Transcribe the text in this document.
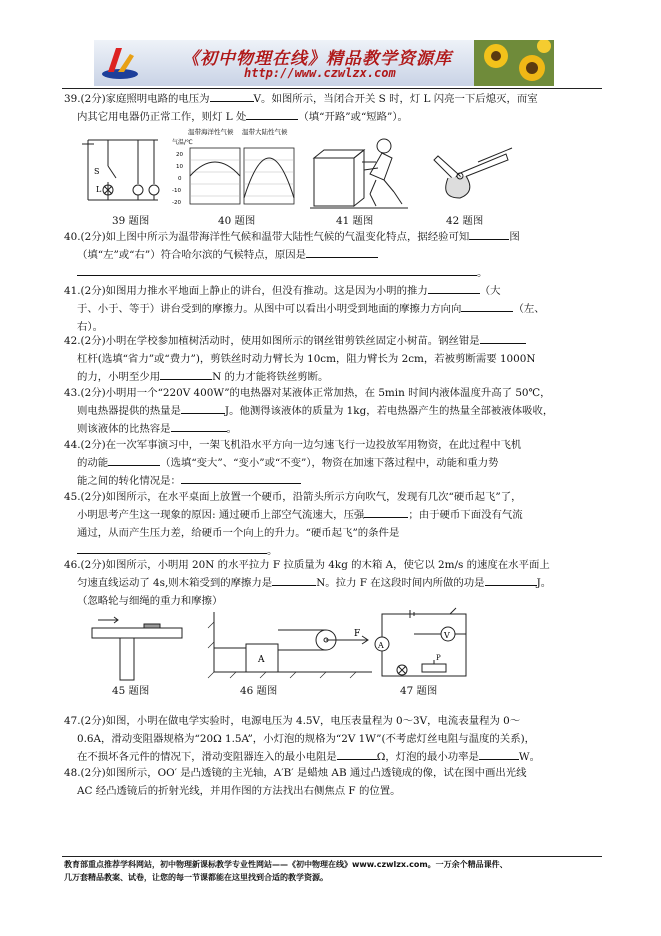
《初中物理在线》精品教学资源库
http://www.czwlzx.com
39.(2分)家庭照明电路的电压为	V。如图所示，当闭合开关 S 时，灯 L 闪亮一下后熄灭，而室
内其它用电器仍正常工作，则灯 L 处	（填“开路”或“短路”）。
S
L
39 题图
温带海洋性气候 温带大陆性气候
气温/℃
20
10
0
-10
-20
40 题图	41 题图	42 题图
40.(2分)如上图中所示为温带海洋性气候和温带大陆性气候的气温变化特点，据经验可知	图
（填“左”或“右”）符合哈尔滨的气候特点，原因是
。
41.(2分)如图用力推水平地面上静止的讲台，但没有推动。这是因为小明的推力	（大
于、小于、等于）讲台受到的摩擦力。从图中可以看出小明受到地面的摩擦力方向向	（左、
右）。
42.(2分)小明在学校参加植树活动时，使用如图所示的钢丝钳剪铁丝固定小树苗。钢丝钳是
杠杆(选填“省力”或“费力”)，剪铁丝时动力臂长为 10cm，阻力臂长为 2cm，若被剪断需要 1000N
的力，小明至少用	N 的力才能将铁丝剪断。
43.(2分)小明用一个“220V 400W”的电热器对某液体正常加热，在 5min 时间内液体温度升高了 50℃，
则电热器提供的热量是	J。他测得该液体的质量为 1kg，若电热器产生的热量全部被液体吸收，
则该液体的比热容是	。
44.(2分)在一次军事演习中，一架飞机沿水平方向一边匀速飞行一边投放军用物资，在此过程中飞机
的动能	（选填“变大”、“变小”或“不变”），物资在加速下落过程中，动能和重力势
能之间的转化情况是：
45.(2分)如图所示，在水平桌面上放置一个硬币，沿箭头所示方向吹气，发现有几次“硬币起飞”了，
小明思考产生这一现象的原因: 通过硬币上部空气流速大，压强	；由于硬币下面没有气流
通过，从而产生压力差，给硬币一个向上的升力。“硬币起飞”的条件是
。
46.(2分)如图所示，小明用 20N 的水平拉力 F 拉质量为 4kg 的木箱 A，使它以 2m/s 的速度在水平面上
匀速直线运动了 4s,则木箱受到的摩擦力是	N。拉力 F 在这段时间内所做的功是	J。
（忽略轮与细绳的重力和摩擦）
45 题图
A
F
46 题图
A
V
P
47 题图
47.(2分)如图，小明在做电学实验时，电源电压为 4.5V，电压表量程为 0～3V，电流表量程为 0～
0.6A，滑动变阻器规格为“20Ω 1.5A”，小灯泡的规格为“2V 1W”(不考虑灯丝电阻与温度的关系)，
在不损坏各元件的情况下，滑动变阻器连入的最小电阻是	Ω，灯泡的最小功率是	W。
48.(2分)如图所示，OO′ 是凸透镜的主光轴，A′B′ 是蜡烛 AB 通过凸透镜成的像，试在图中画出光线
AC 经凸透镜后的折射光线，并用作图的方法找出右侧焦点 F 的位置。
教育部重点推荐学科网站，初中物理新课标教学专业性网站——《初中物理在线》www.czwlzx.com。一万余个精品课件、
几万套精品教案、试卷，让您的每一节课都能在这里找到合适的教学资源。
